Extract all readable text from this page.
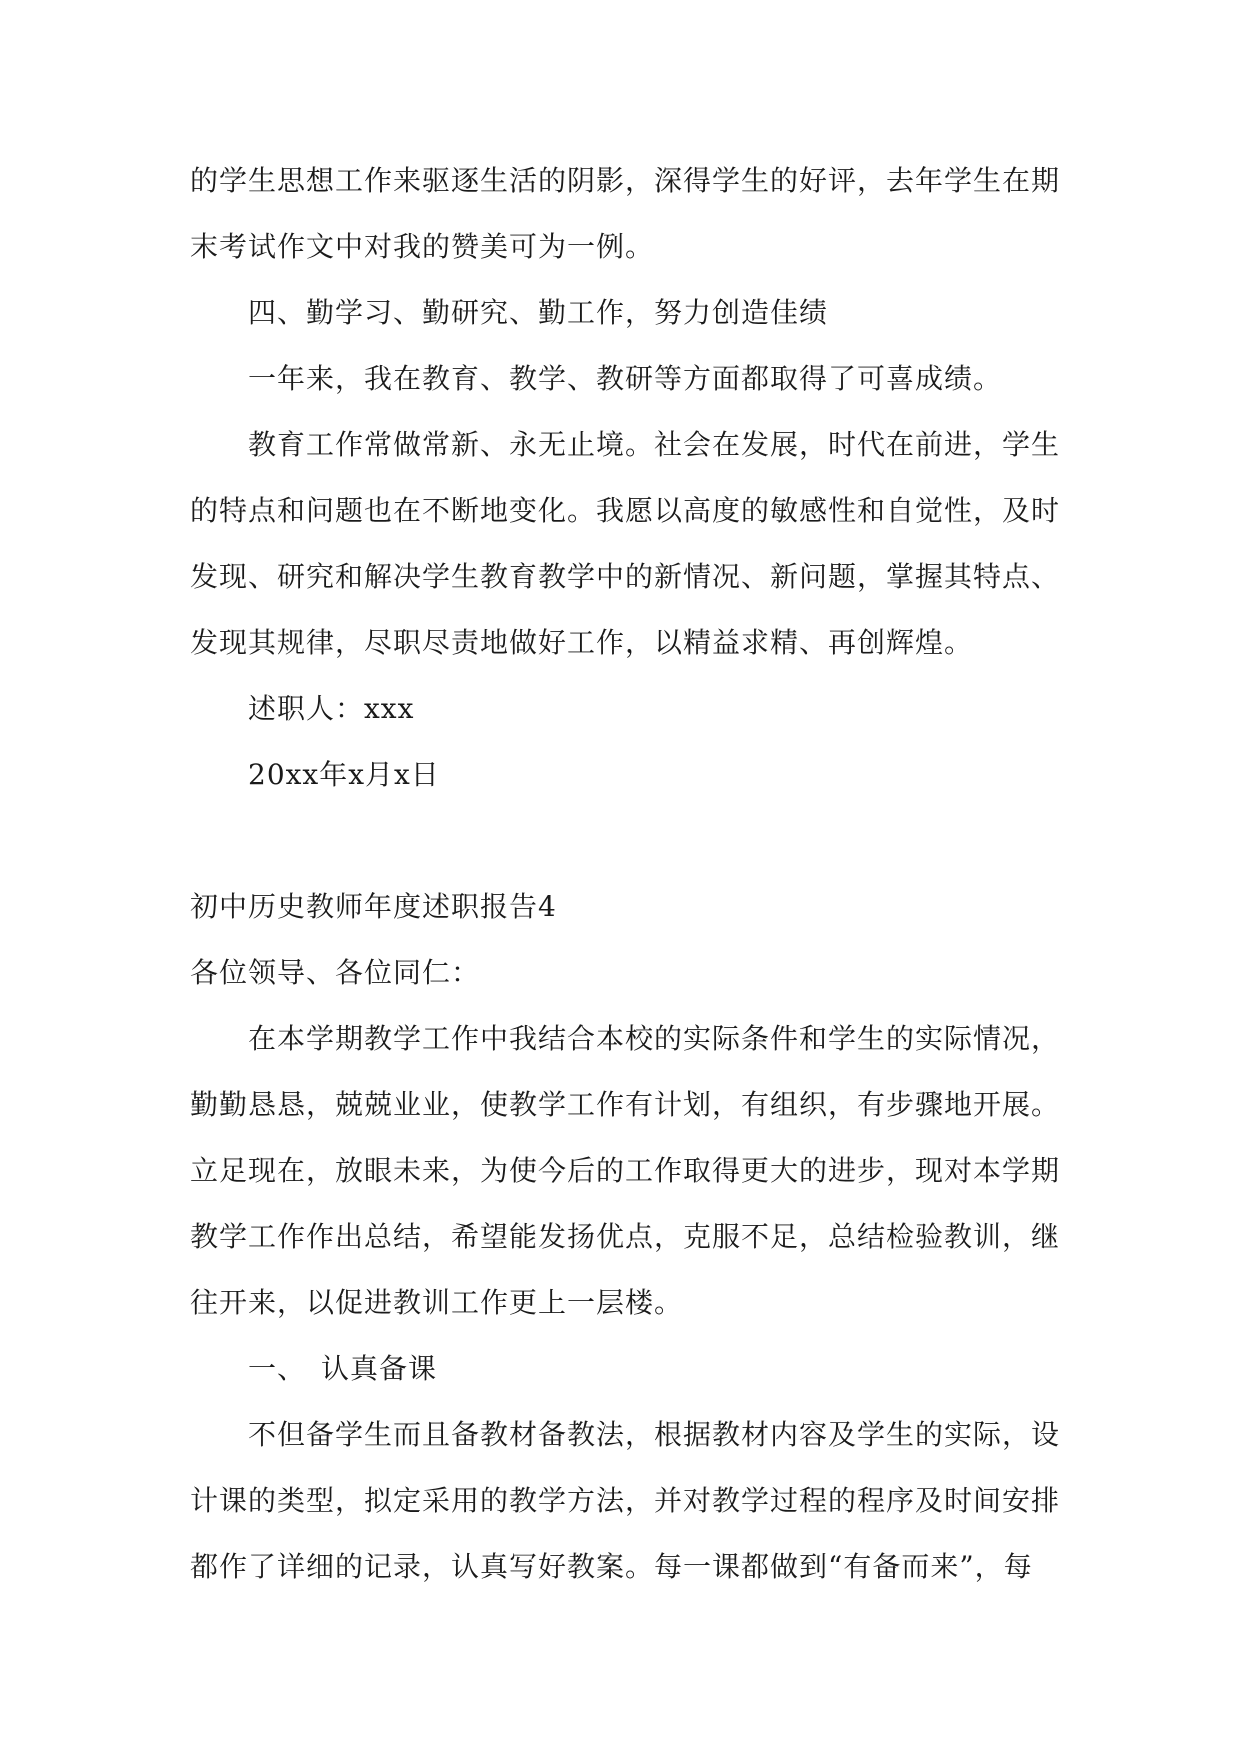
的学生思想工作来驱逐生活的阴影，深得学生的好评，去年学生在期末考试作文中对我的赞美可为一例。

四、勤学习、勤研究、勤工作，努力创造佳绩

一年来，我在教育、教学、教研等方面都取得了可喜成绩。

教育工作常做常新、永无止境。社会在发展，时代在前进，学生的特点和问题也在不断地变化。我愿以高度的敏感性和自觉性，及时发现、研究和解决学生教育教学中的新情况、新问题，掌握其特点、发现其规律，尽职尽责地做好工作，以精益求精、再创辉煌。

述职人：xxx

20xx年x月x日

初中历史教师年度述职报告4

各位领导、各位同仁：

在本学期教学工作中我结合本校的实际条件和学生的实际情况，勤勤恳恳，兢兢业业，使教学工作有计划，有组织，有步骤地开展。立足现在，放眼未来，为使今后的工作取得更大的进步，现对本学期教学工作作出总结，希望能发扬优点，克服不足，总结检验教训，继往开来，以促进教训工作更上一层楼。

一、　认真备课

不但备学生而且备教材备教法，根据教材内容及学生的实际，设计课的类型，拟定采用的教学方法，并对教学过程的程序及时间安排都作了详细的记录，认真写好教案。每一课都做到“有备而来”，每
